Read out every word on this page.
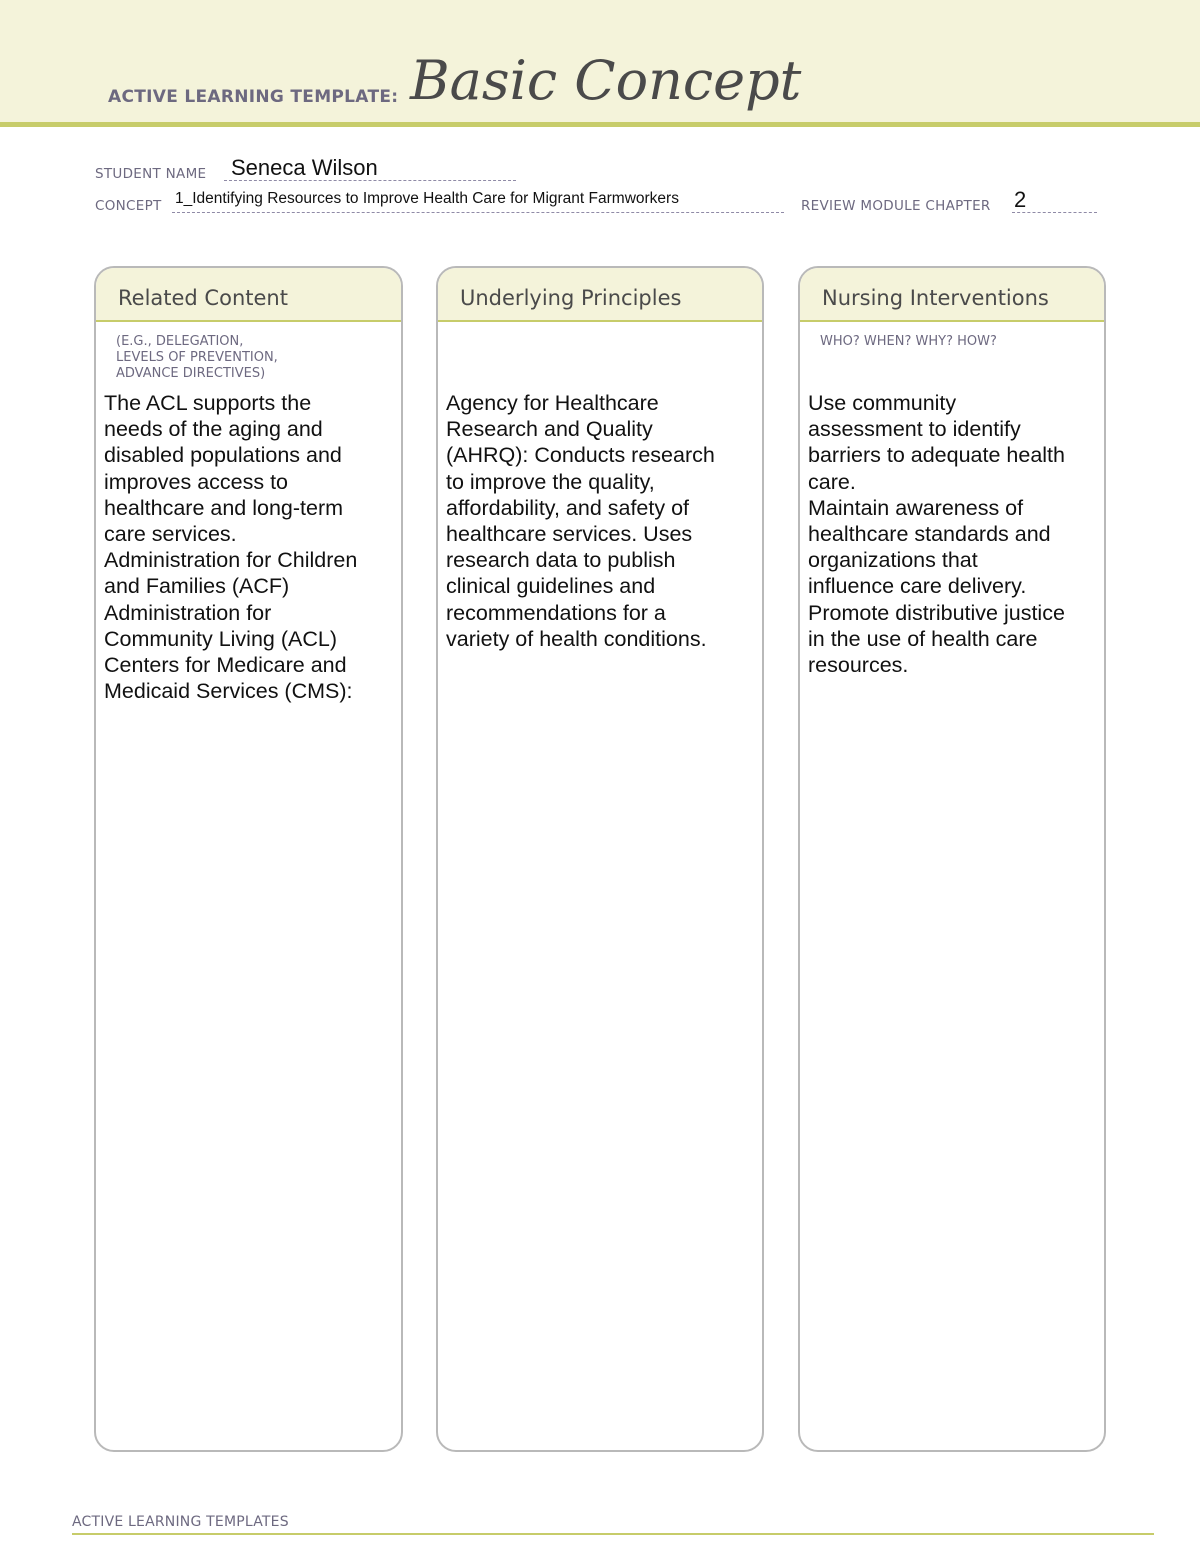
ACTIVE LEARNING TEMPLATE: Basic Concept
STUDENT NAME Seneca Wilson
CONCEPT 1_Identifying Resources to Improve Health Care for Migrant Farmworkers	REVIEW MODULE CHAPTER 2
Related Content
(E.G., DELEGATION,
LEVELS OF PREVENTION,
ADVANCE DIRECTIVES)
The ACL supports the
needs of the aging and
disabled populations and
improves access to
healthcare and long-term
care services.
Administration for Children
and Families (ACF)
Administration for
Community Living (ACL)
Centers for Medicare and
Medicaid Services (CMS):
Underlying Principles
Agency for Healthcare
Research and Quality
(AHRQ): Conducts research
to improve the quality,
affordability, and safety of
healthcare services. Uses
research data to publish
clinical guidelines and
recommendations for a
variety of health conditions.
Nursing Interventions
WHO? WHEN? WHY? HOW?
Use community
assessment to identify
barriers to adequate health
care.
Maintain awareness of
healthcare standards and
organizations that
influence care delivery.
Promote distributive justice
in the use of health care
resources.
ACTIVE LEARNING TEMPLATES
